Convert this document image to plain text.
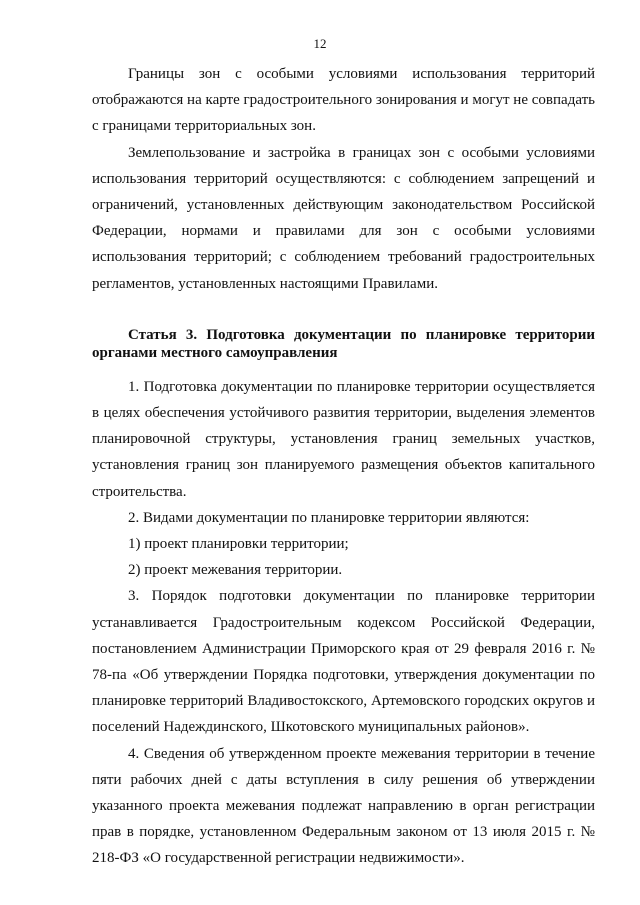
12

Границы зон с особыми условиями использования территорий отображаются на карте градостроительного зонирования и могут не совпадать с границами территориальных зон.

Землепользование и застройка в границах зон с особыми условиями использования территорий осуществляются: с соблюдением запрещений и ограничений, установленных действующим законодательством Российской Федерации, нормами и правилами для зон с особыми условиями использования территорий; с соблюдением требований градостроительных регламентов, установленных настоящими Правилами.

Статья 3. Подготовка документации по планировке территории органами местного самоуправления

1. Подготовка документации по планировке территории осуществляется в целях обеспечения устойчивого развития территории, выделения элементов планировочной структуры, установления границ земельных участков, установления границ зон планируемого размещения объектов капитального строительства.

2. Видами документации по планировке территории являются:

1) проект планировки территории;

2) проект межевания территории.

3. Порядок подготовки документации по планировке территории устанавливается Градостроительным кодексом Российской Федерации, постановлением Администрации Приморского края от 29 февраля 2016 г. № 78-па «Об утверждении Порядка подготовки, утверждения документации по планировке территорий Владивостокского, Артемовского городских округов и поселений Надеждинского, Шкотовского муниципальных районов».

4. Сведения об утвержденном проекте межевания территории в течение пяти рабочих дней с даты вступления в силу решения об утверждении указанного проекта межевания подлежат направлению в орган регистрации прав в порядке, установленном Федеральным законом от 13 июля 2015 г. № 218-ФЗ «О государственной регистрации недвижимости».
